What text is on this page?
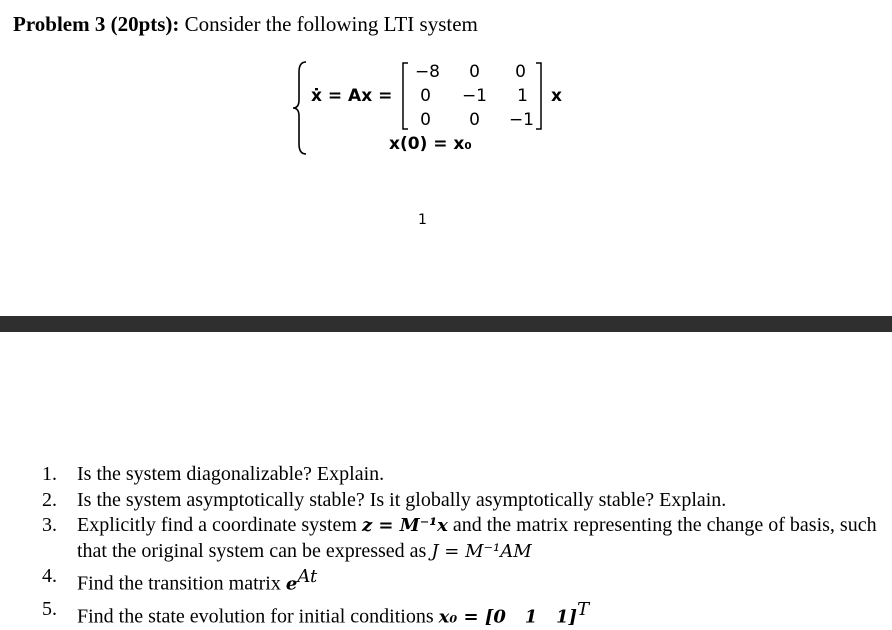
Problem 3 (20pts): Consider the following LTI system
ẋ = Ax =
−8	0	0
0	−1	1
0	0	−1
x
x(0) = x₀
1
1. Is the system diagonalizable? Explain.
2. Is the system asymptotically stable? Is it globally asymptotically stable? Explain.
3. Explicitly find a coordinate system z = M⁻¹x and the matrix representing the change of basis, such that the original system can be expressed as J = M⁻¹AM
4. Find the transition matrix $e^{At}$
5. Find the state evolution for initial conditions x₀ = [0   1   1]$^T$
